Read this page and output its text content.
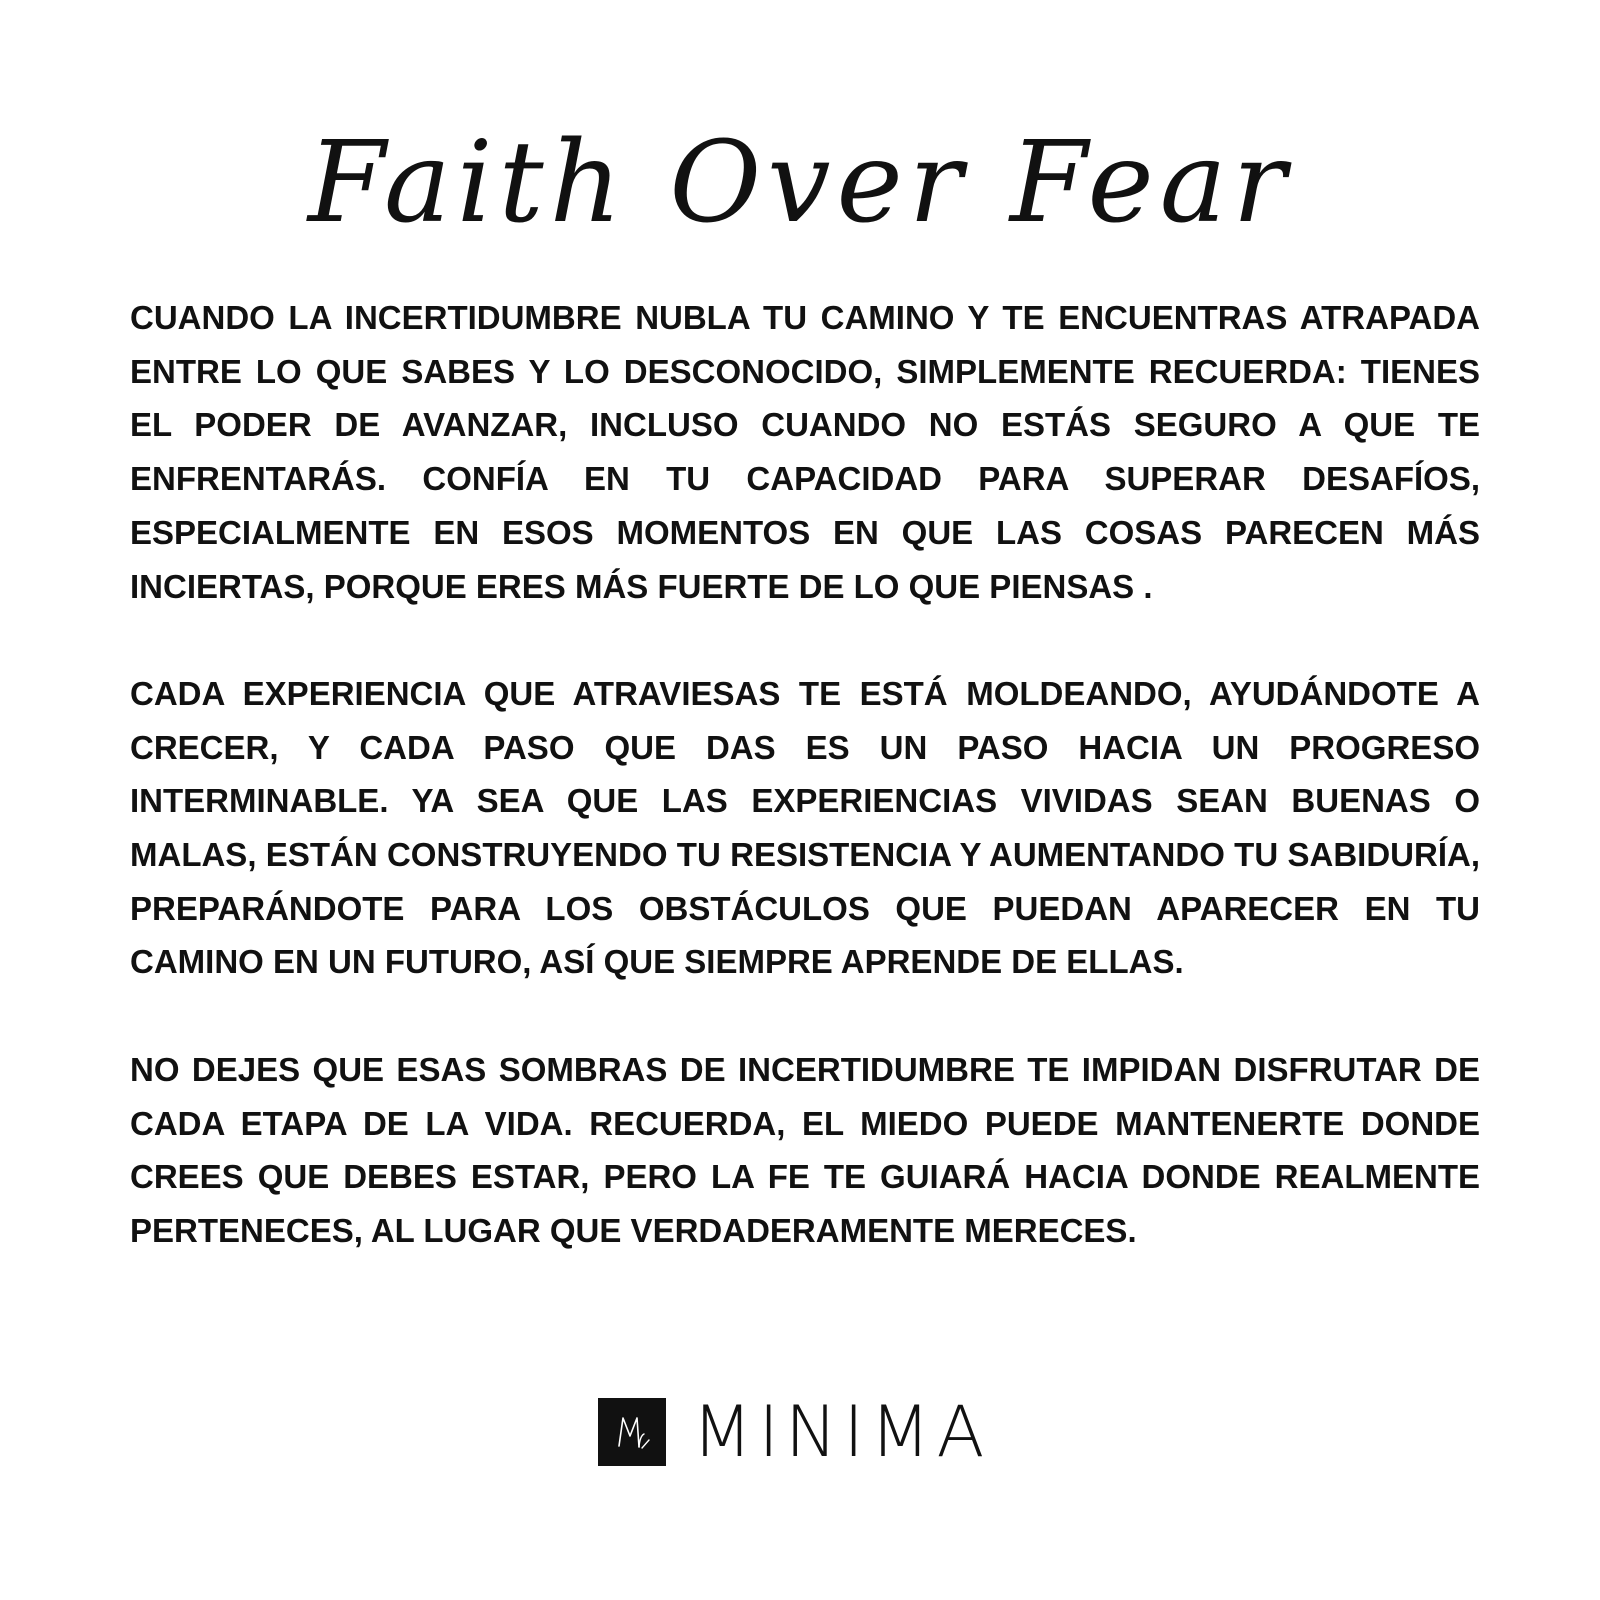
Faith Over Fear

CUANDO LA INCERTIDUMBRE NUBLA TU CAMINO Y TE ENCUENTRAS ATRAPADA ENTRE LO QUE SABES Y LO DESCONOCIDO, SIMPLEMENTE RECUERDA: TIENES EL PODER DE AVANZAR, INCLUSO CUANDO NO ESTÁS SEGURO A QUE TE ENFRENTARÁS. CONFÍA EN TU CAPACIDAD PARA SUPERAR DESAFÍOS, ESPECIALMENTE EN ESOS MOMENTOS EN QUE LAS COSAS PARECEN MÁS INCIERTAS, PORQUE ERES MÁS FUERTE DE LO QUE PIENSAS .

CADA EXPERIENCIA QUE ATRAVIESAS TE ESTÁ MOLDEANDO, AYUDÁNDOTE A CRECER, Y CADA PASO QUE DAS ES UN PASO HACIA UN PROGRESO INTERMINABLE. YA SEA QUE LAS EXPERIENCIAS VIVIDAS SEAN BUENAS O MALAS, ESTÁN CONSTRUYENDO TU RESISTENCIA Y AUMENTANDO TU SABIDURÍA, PREPARÁNDOTE PARA LOS OBSTÁCULOS QUE PUEDAN APARECER EN TU CAMINO EN UN FUTURO, ASÍ QUE SIEMPRE APRENDE DE ELLAS.

NO DEJES QUE ESAS SOMBRAS DE INCERTIDUMBRE TE IMPIDAN DISFRUTAR DE CADA ETAPA DE LA VIDA. RECUERDA, EL MIEDO PUEDE MANTENERTE DONDE CREES QUE DEBES ESTAR, PERO LA FE TE GUIARÁ HACIA DONDE REALMENTE PERTENECES, AL LUGAR QUE VERDADERAMENTE MERECES.

MINIMA
